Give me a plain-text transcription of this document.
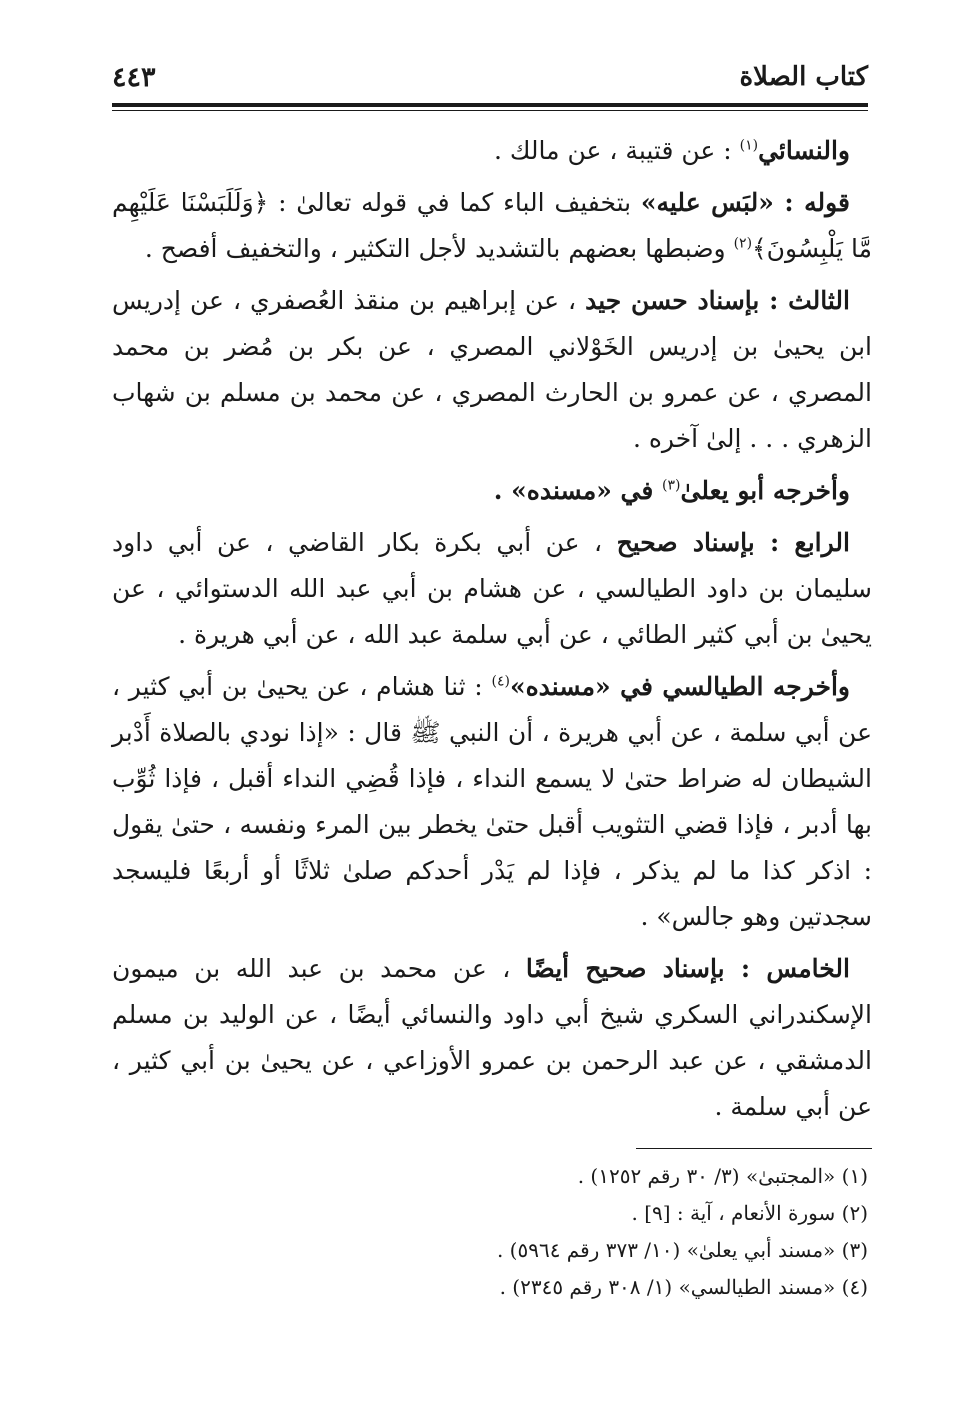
كتاب الصلاة
٤٤٣

والنسائي$^{(١)}$ : عن قتيبة ، عن مالك .

قوله : «لبَس عليه» بتخفيف الباء كما في قوله تعالىٰ : ﴿وَلَلَبَسْنَا عَلَيْهِم مَّا يَلْبِسُونَ﴾$^{(٢)}$ وضبطها بعضهم بالتشديد لأجل التكثير ، والتخفيف أفصح .

الثالث : بإسناد حسن جيد ، عن إبراهيم بن منقذ العُصفري ، عن إدريس ابن يحيىٰ بن إدريس الخَوْلاني المصري ، عن بكر بن مُضر بن محمد المصري ، عن عمرو بن الحارث المصري ، عن محمد بن مسلم بن شهاب الزهري . . . إلىٰ آخره .

وأخرجه أبو يعلىٰ$^{(٣)}$ في «مسنده» .

الرابع : بإسناد صحيح ، عن أبي بكرة بكار القاضي ، عن أبي داود سليمان بن داود الطيالسي ، عن هشام بن أبي عبد الله الدستوائي ، عن يحيىٰ بن أبي كثير الطائي ، عن أبي سلمة عبد الله ، عن أبي هريرة .

وأخرجه الطيالسي في «مسنده»$^{(٤)}$ : ثنا هشام ، عن يحيىٰ بن أبي كثير ، عن أبي سلمة ، عن أبي هريرة ، أن النبي ﷺ قال : «إذا نودي بالصلاة أَدْبر الشيطان له ضراط حتىٰ لا يسمع النداء ، فإذا قُضِي النداء أقبل ، فإذا ثُوِّب بها أدبر ، فإذا قضي التثويب أقبل حتىٰ يخطر بين المرء ونفسه ، حتىٰ يقول : اذكر كذا ما لم يذكر ، فإذا لم يَدْر أحدكم صلىٰ ثلاثًا أو أربعًا فليسجد سجدتين وهو جالس» .

الخامس : بإسناد صحيح أيضًا ، عن محمد بن عبد الله بن ميمون الإسكندراني السكري شيخ أبي داود والنسائي أيضًا ، عن الوليد بن مسلم الدمشقي ، عن عبد الرحمن بن عمرو الأوزاعي ، عن يحيىٰ بن أبي كثير ، عن أبي سلمة .

(١) «المجتبىٰ» (٣/ ٣٠ رقم ١٢٥٢) .

(٢) سورة الأنعام ، آية : [٩] .

(٣) «مسند أبي يعلىٰ» (١٠/ ٣٧٣ رقم ٥٩٦٤) .

(٤) «مسند الطيالسي» (١/ ٣٠٨ رقم ٢٣٤٥) .
